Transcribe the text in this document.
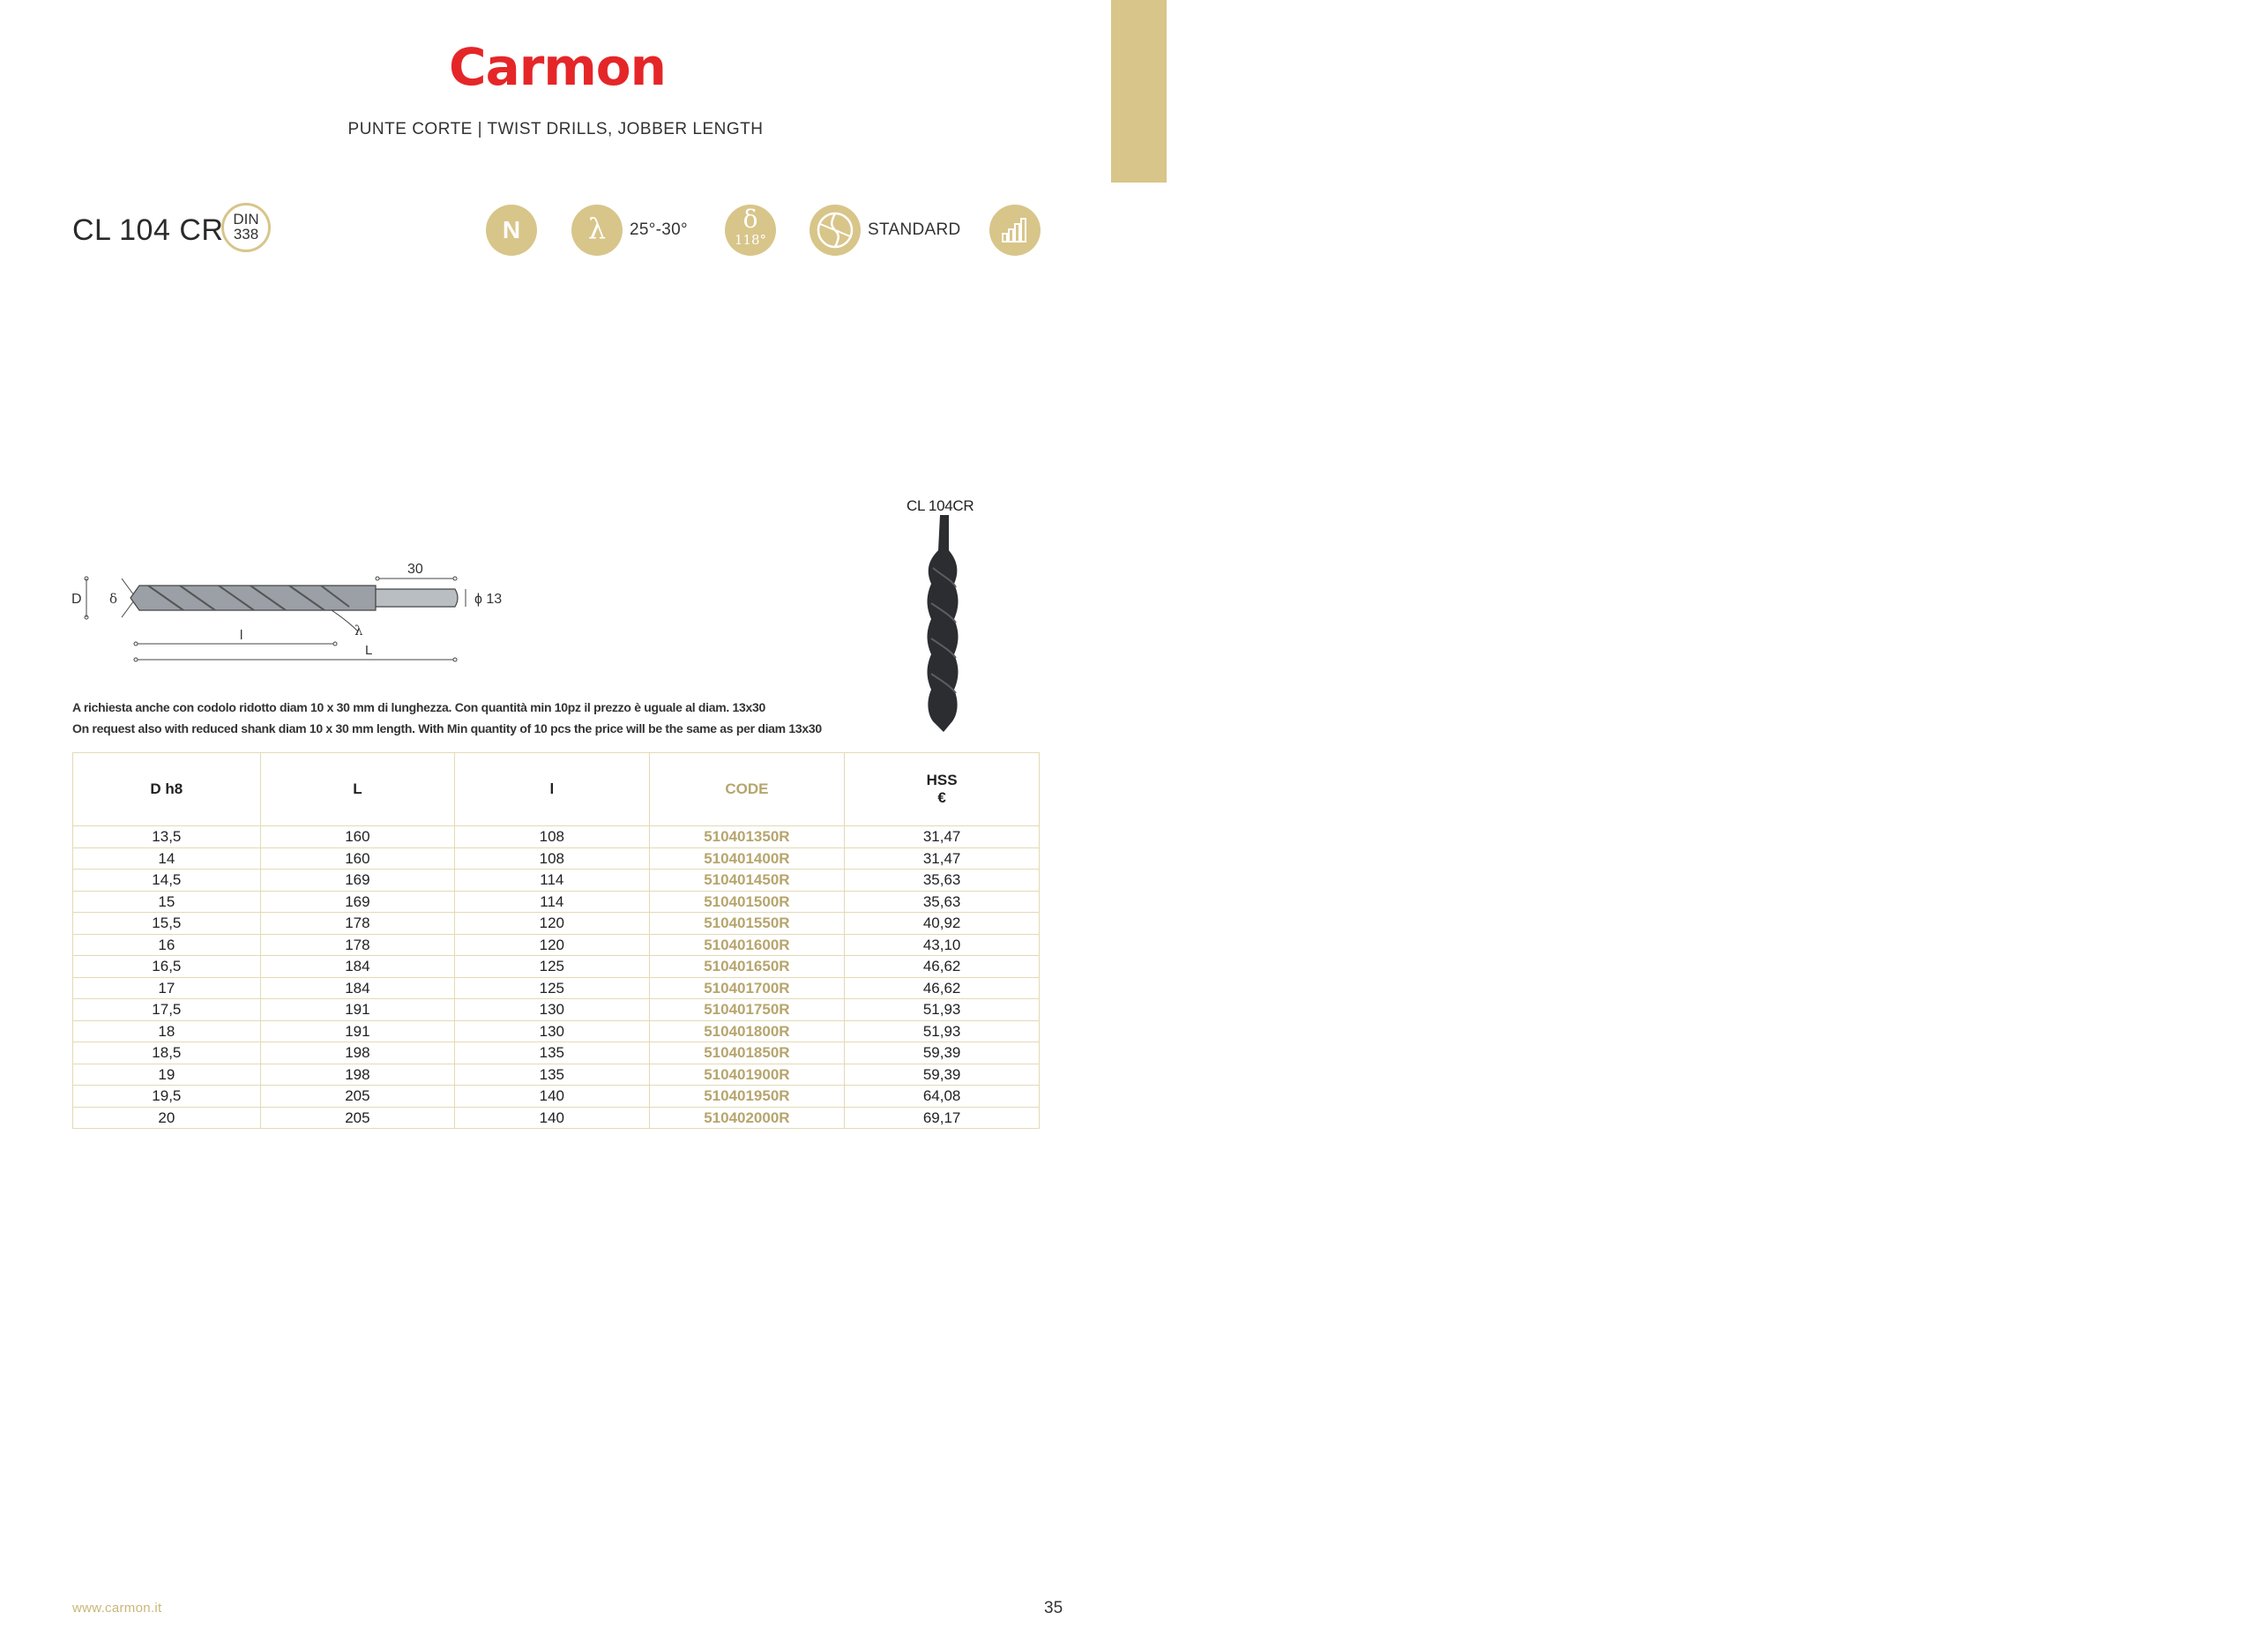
PUNTE HSS HSS DRILLS
Carmon
PUNTE CORTE | TWIST DRILLS, JOBBER LENGTH
CL 104 CR DIN
338	N	λ	25°-30°	δ
118°
STANDARD
CL 104CR
D δ
30
ϕ 13
λ
l
L
A richiesta anche con codolo ridotto diam 10 x 30 mm di lunghezza. Con quantità min 10pz il prezzo è uguale al diam. 13x30
On request also with reduced shank diam 10 x 30 mm length. With Min quantity of 10 pcs the price will be the same as per diam 13x30
D h8	L	l	CODE	HSS
€
13,5	160	108	510401350R	31,47
14	160	108	510401400R	31,47
14,5	169	114	510401450R	35,63
15	169	114	510401500R	35,63
15,5	178	120	510401550R	40,92
16	178	120	510401600R	43,10
16,5	184	125	510401650R	46,62
17	184	125	510401700R	46,62
17,5	191	130	510401750R	51,93
18	191	130	510401800R	51,93
18,5	198	135	510401850R	59,39
19	198	135	510401900R	59,39
19,5	205	140	510401950R	64,08
20	205	140	510402000R	69,17
www.carmon.it	35
